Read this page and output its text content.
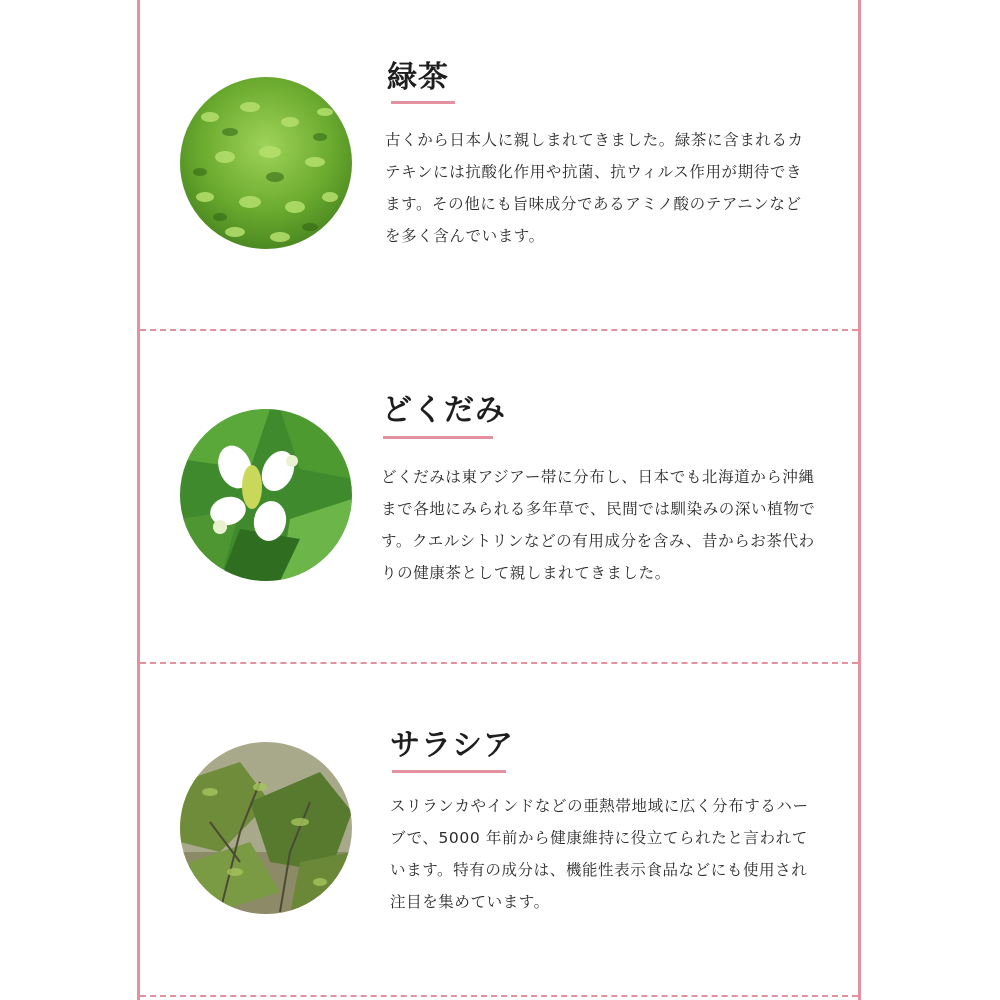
緑茶
古くから日本人に親しまれてきました。緑茶に含まれるカ
テキンには抗酸化作用や抗菌、抗ウィルス作用が期待でき
ます。その他にも旨味成分であるアミノ酸のテアニンなど
を多く含んでいます。
どくだみ
どくだみは東アジアー帯に分布し、日本でも北海道から沖縄
まで各地にみられる多年草で、民間では馴染みの深い植物で
す。クエルシトリンなどの有用成分を含み、昔からお茶代わ
りの健康茶として親しまれてきました。
サラシア
スリランカやインドなどの亜熱帯地域に広く分布するハー
ブで、5000 年前から健康維持に役立てられたと言われて
います。特有の成分は、機能性表示食品などにも使用され
注目を集めています。
